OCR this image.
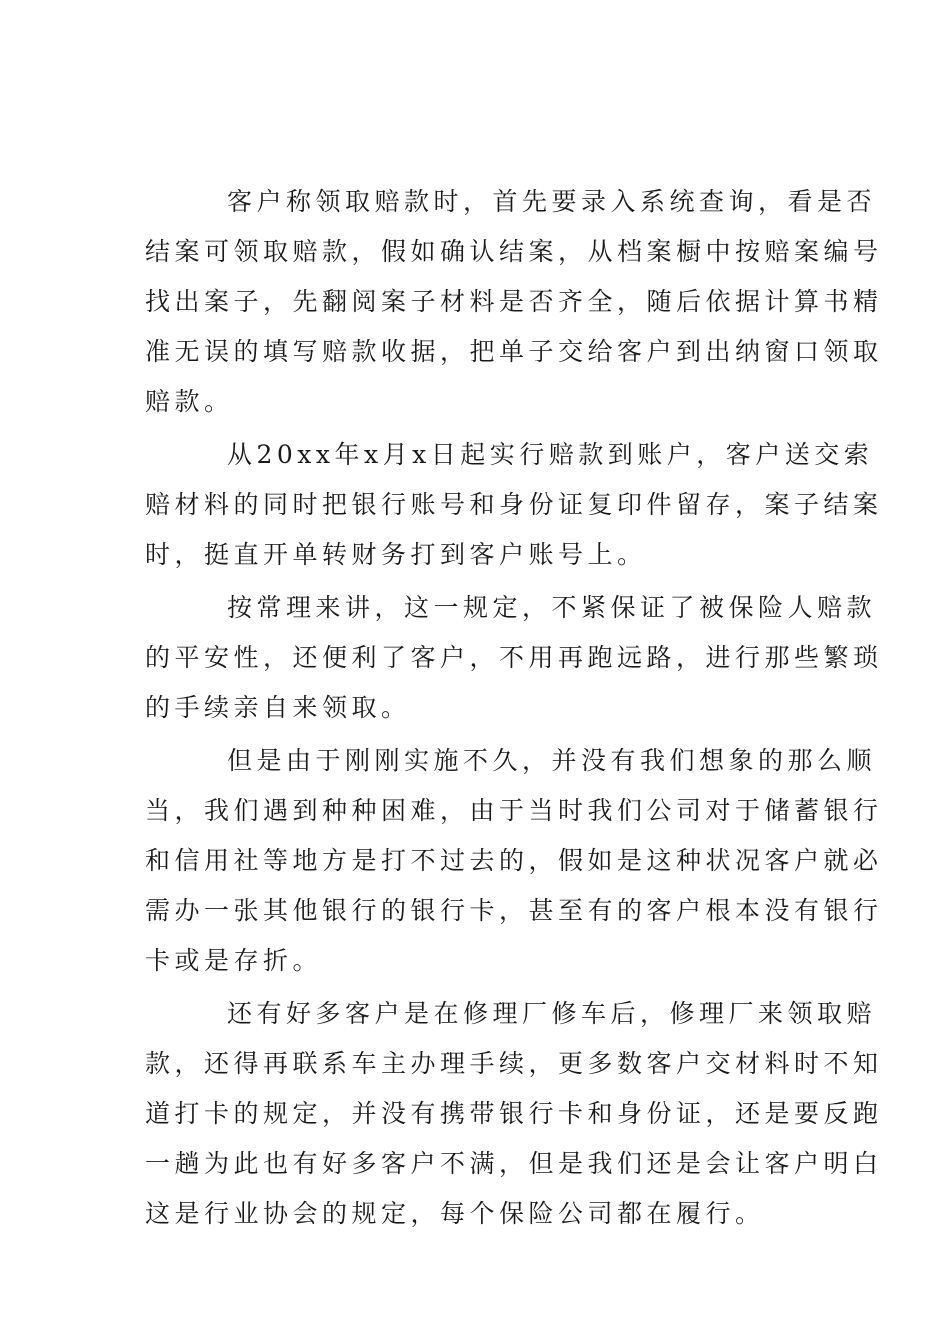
客户称领取赔款时，首先要录入系统查询，看是否
结案可领取赔款，假如确认结案，从档案橱中按赔案编号
找出案子，先翻阅案子材料是否齐全，随后依据计算书精
准无误的填写赔款收据，把单子交给客户到出纳窗口领取
赔款。
从20xx年x月x日起实行赔款到账户，客户送交索
赔材料的同时把银行账号和身份证复印件留存，案子结案
时，挺直开单转财务打到客户账号上。
按常理来讲，这一规定，不紧保证了被保险人赔款
的平安性，还便利了客户，不用再跑远路，进行那些繁琐
的手续亲自来领取。
但是由于刚刚实施不久，并没有我们想象的那么顺
当，我们遇到种种困难，由于当时我们公司对于储蓄银行
和信用社等地方是打不过去的，假如是这种状况客户就必
需办一张其他银行的银行卡，甚至有的客户根本没有银行
卡或是存折。
还有好多客户是在修理厂修车后，修理厂来领取赔
款，还得再联系车主办理手续，更多数客户交材料时不知
道打卡的规定，并没有携带银行卡和身份证，还是要反跑
一趟为此也有好多客户不满，但是我们还是会让客户明白
这是行业协会的规定，每个保险公司都在履行。
